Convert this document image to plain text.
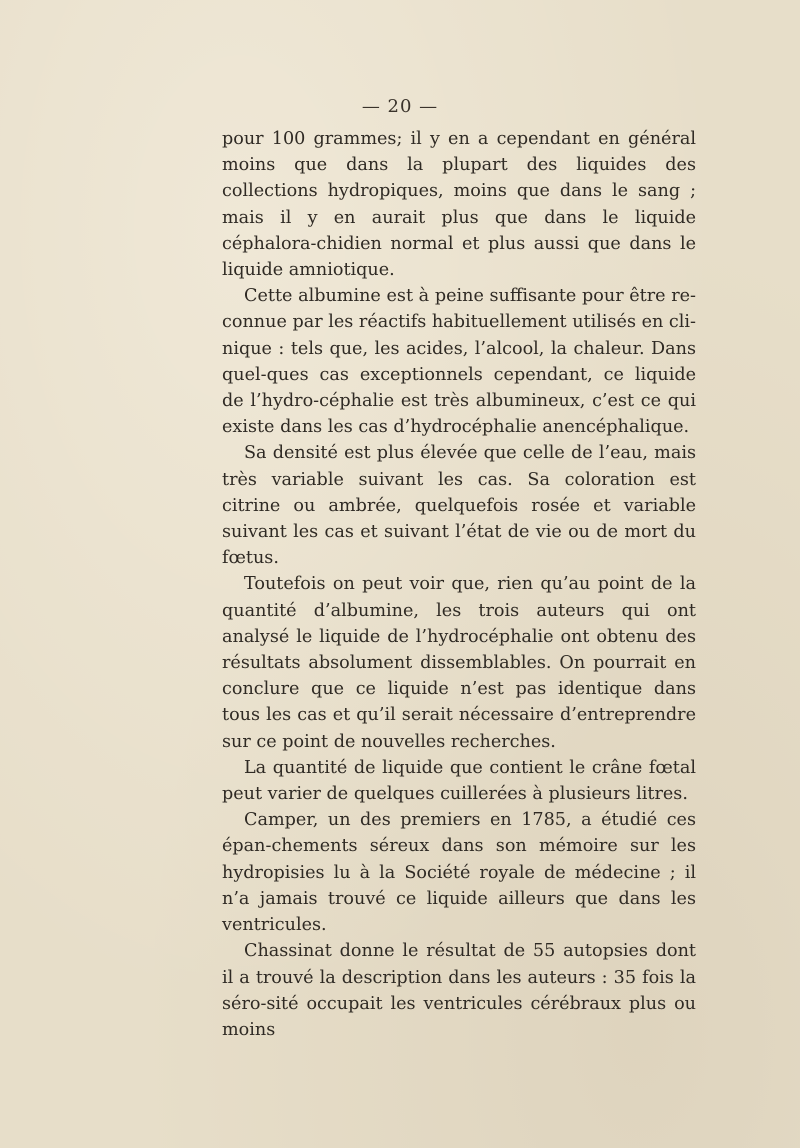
— 20 —

pour 100 grammes; il y en a cependant en général moins que dans la plupart des liquides des collections hydropiques, moins que dans le sang ; mais il y en aurait plus que dans le liquide céphalora-chidien normal et plus aussi que dans le liquide amniotique.

Cette albumine est à peine suffisante pour être re-connue par les réactifs habituellement utilisés en cli-nique : tels que, les acides, l’alcool, la chaleur. Dans quel-ques cas exceptionnels cependant, ce liquide de l’hydro-céphalie est très albumineux, c’est ce qui existe dans les cas d’hydrocéphalie anencéphalique.

Sa densité est plus élevée que celle de l’eau, mais très variable suivant les cas. Sa coloration est citrine ou ambrée, quelquefois rosée et variable suivant les cas et suivant l’état de vie ou de mort du fœtus.

Toutefois on peut voir que, rien qu’au point de la quantité d’albumine, les trois auteurs qui ont analysé le liquide de l’hydrocéphalie ont obtenu des résultats absolument dissemblables. On pourrait en conclure que ce liquide n’est pas identique dans tous les cas et qu’il serait nécessaire d’entreprendre sur ce point de nouvelles recherches.

La quantité de liquide que contient le crâne fœtal peut varier de quelques cuillerées à plusieurs litres.

Camper, un des premiers en 1785, a étudié ces épan-chements séreux dans son mémoire sur les hydropisies lu à la Société royale de médecine ; il n’a jamais trouvé ce liquide ailleurs que dans les ventricules.

Chassinat donne le résultat de 55 autopsies dont il a trouvé la description dans les auteurs : 35 fois la séro-sité occupait les ventricules cérébraux plus ou moins
